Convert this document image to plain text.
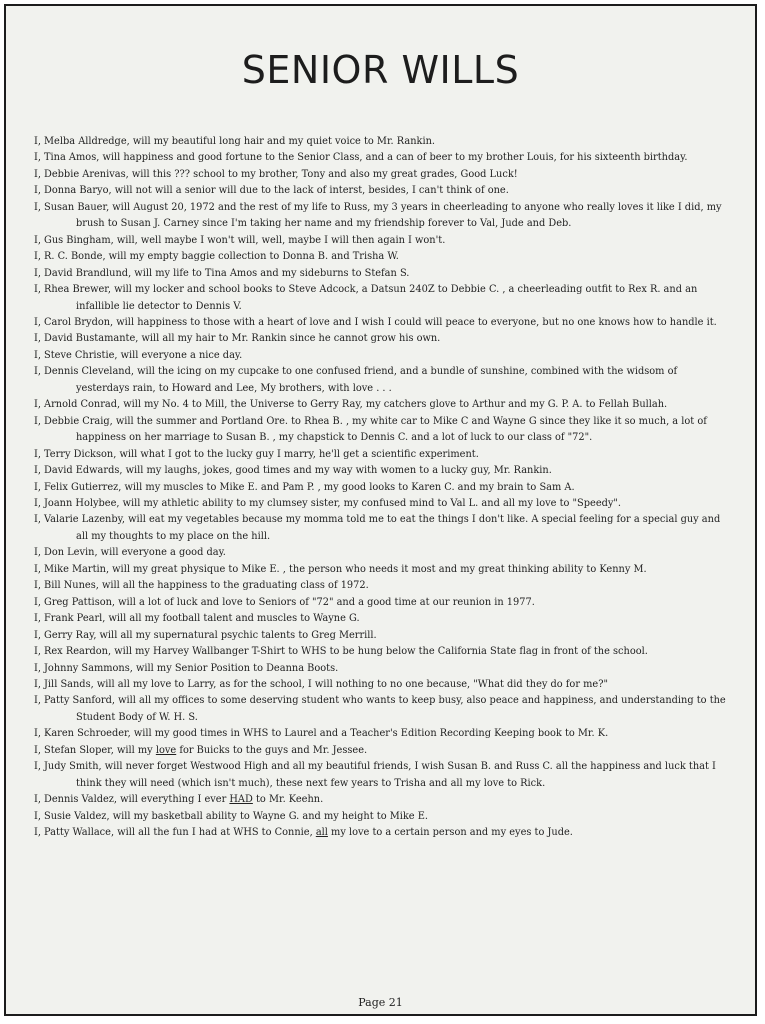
SENIOR WILLS

I, Melba Alldredge, will my beautiful long hair and my quiet voice to Mr. Rankin.

I, Tina Amos, will happiness and good fortune to the Senior Class, and a can of beer to my brother Louis, for his sixteenth birthday.

I, Debbie Arenivas, will this ??? school to my brother, Tony and also my great grades, Good Luck!

I, Donna Baryo, will not will a senior will due to the lack of interst, besides, I can't think of one.

I, Susan Bauer, will August 20, 1972 and the rest of my life to Russ, my 3 years in cheerleading to anyone who really loves it like I did, my brush to Susan J. Carney since I'm taking her name and my friendship forever to Val, Jude and Deb.

I, Gus Bingham, will, well maybe I won't will, well, maybe I will then again I won't.

I, R. C. Bonde, will my empty baggie collection to Donna B. and Trisha W.

I, David Brandlund, will my life to Tina Amos and my sideburns to Stefan S.

I, Rhea Brewer, will my locker and school books to Steve Adcock, a Datsun 240Z to Debbie C. , a cheerleading outfit to Rex R. and an infallible lie detector to Dennis V.

I, Carol Brydon, will happiness to those with a heart of love and I wish I could will peace to everyone, but no one knows how to handle it.

I, David Bustamante, will all my hair to Mr. Rankin since he cannot grow his own.

I, Steve Christie, will everyone a nice day.

I, Dennis Cleveland, will the icing on my cupcake to one confused friend, and a bundle of sunshine, combined with the widsom of yesterdays rain, to Howard and Lee, My brothers, with love . . .

I, Arnold Conrad, will my No. 4 to Mill, the Universe to Gerry Ray, my catchers glove to Arthur and my G. P. A. to Fellah Bullah.

I, Debbie Craig, will the summer and Portland Ore. to Rhea B. , my white car to Mike C and Wayne G since they like it so much, a lot of happiness on her marriage to Susan B. , my chapstick to Dennis C. and a lot of luck to our class of "72".

I, Terry Dickson, will what I got to the lucky guy I marry, he'll get a scientific experiment.

I, David Edwards, will my laughs, jokes, good times and my way with women to a lucky guy, Mr. Rankin.

I, Felix Gutierrez, will my muscles to Mike E. and Pam P. , my good looks to Karen C. and my brain to Sam A.

I, Joann Holybee, will my athletic ability to my clumsey sister, my confused mind to Val L. and all my love to "Speedy".

I, Valarie Lazenby, will eat my vegetables because my momma told me to eat the things I don't like. A special feeling for a special guy and all my thoughts to my place on the hill.

I, Don Levin, will everyone a good day.

I, Mike Martin, will my great physique to Mike E. , the person who needs it most and my great thinking ability to Kenny M.

I, Bill Nunes, will all the happiness to the graduating class of 1972.

I, Greg Pattison, will a lot of luck and love to Seniors of "72" and a good time at our reunion in 1977.

I, Frank Pearl, will all my football talent and muscles to Wayne G.

I, Gerry Ray, will all my supernatural psychic talents to Greg Merrill.

I, Rex Reardon, will my Harvey Wallbanger T-Shirt to WHS to be hung below the California State flag in front of the school.

I, Johnny Sammons, will my Senior Position to Deanna Boots.

I, Jill Sands, will all my love to Larry, as for the school, I will nothing to no one because, "What did they do for me?"

I, Patty Sanford, will all my offices to some deserving student who wants to keep busy, also peace and happiness, and understanding to the Student Body of W. H. S.

I, Karen Schroeder, will my good times in WHS to Laurel and a Teacher's Edition Recording Keeping book to Mr. K.

I, Stefan Sloper, will my love for Buicks to the guys and Mr. Jessee.

I, Judy Smith, will never forget Westwood High and all my beautiful friends, I wish Susan B. and Russ C. all the happiness and luck that I think they will need (which isn't much), these next few years to Trisha and all my love to Rick.

I, Dennis Valdez, will everything I ever HAD to Mr. Keehn.

I, Susie Valdez, will my basketball ability to Wayne G. and my height to Mike E.

I, Patty Wallace, will all the fun I had at WHS to Connie, all my love to a certain person and my eyes to Jude.

Page 21
